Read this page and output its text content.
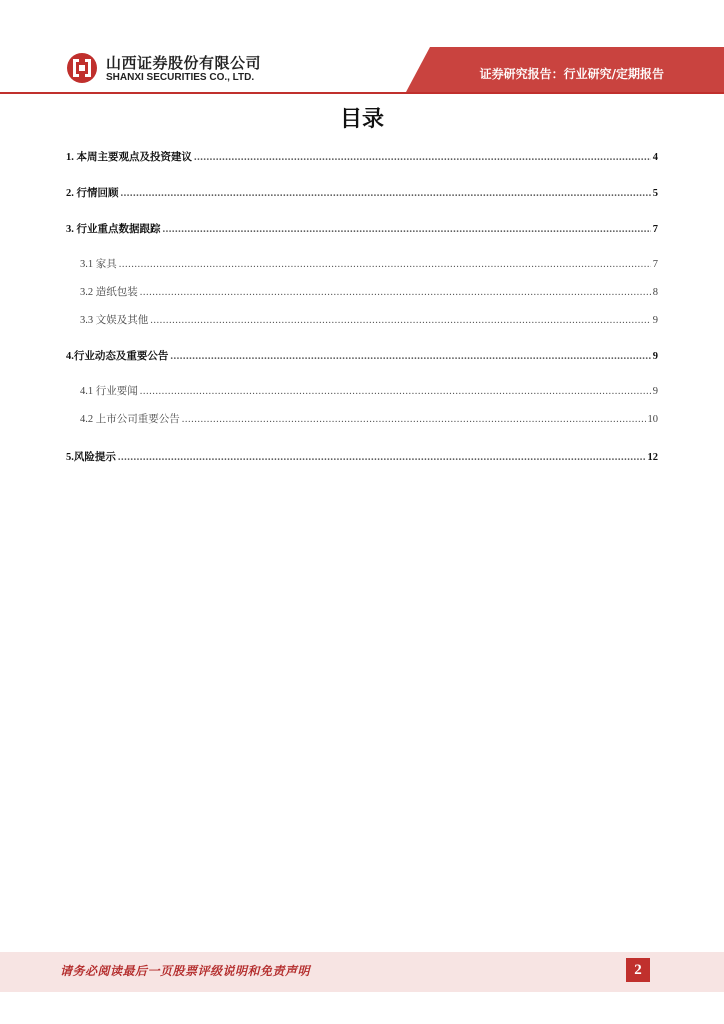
山西证券股份有限公司
SHANXI SECURITIES CO., LTD.	证券研究报告：行业研究/定期报告
目录
1. 本周主要观点及投资建议 .....	4
2. 行情回顾 .....	5
3. 行业重点数据跟踪 .....	7
3.1 家具 .....	7
3.2 造纸包装 .....	8
3.3 文娱及其他 .....	9
4.行业动态及重要公告 .....	9
4.1 行业要闻 .....	9
4.2 上市公司重要公告 .....	10
5.风险提示 .....	12
请务必阅读最后一页股票评级说明和免责声明	2
